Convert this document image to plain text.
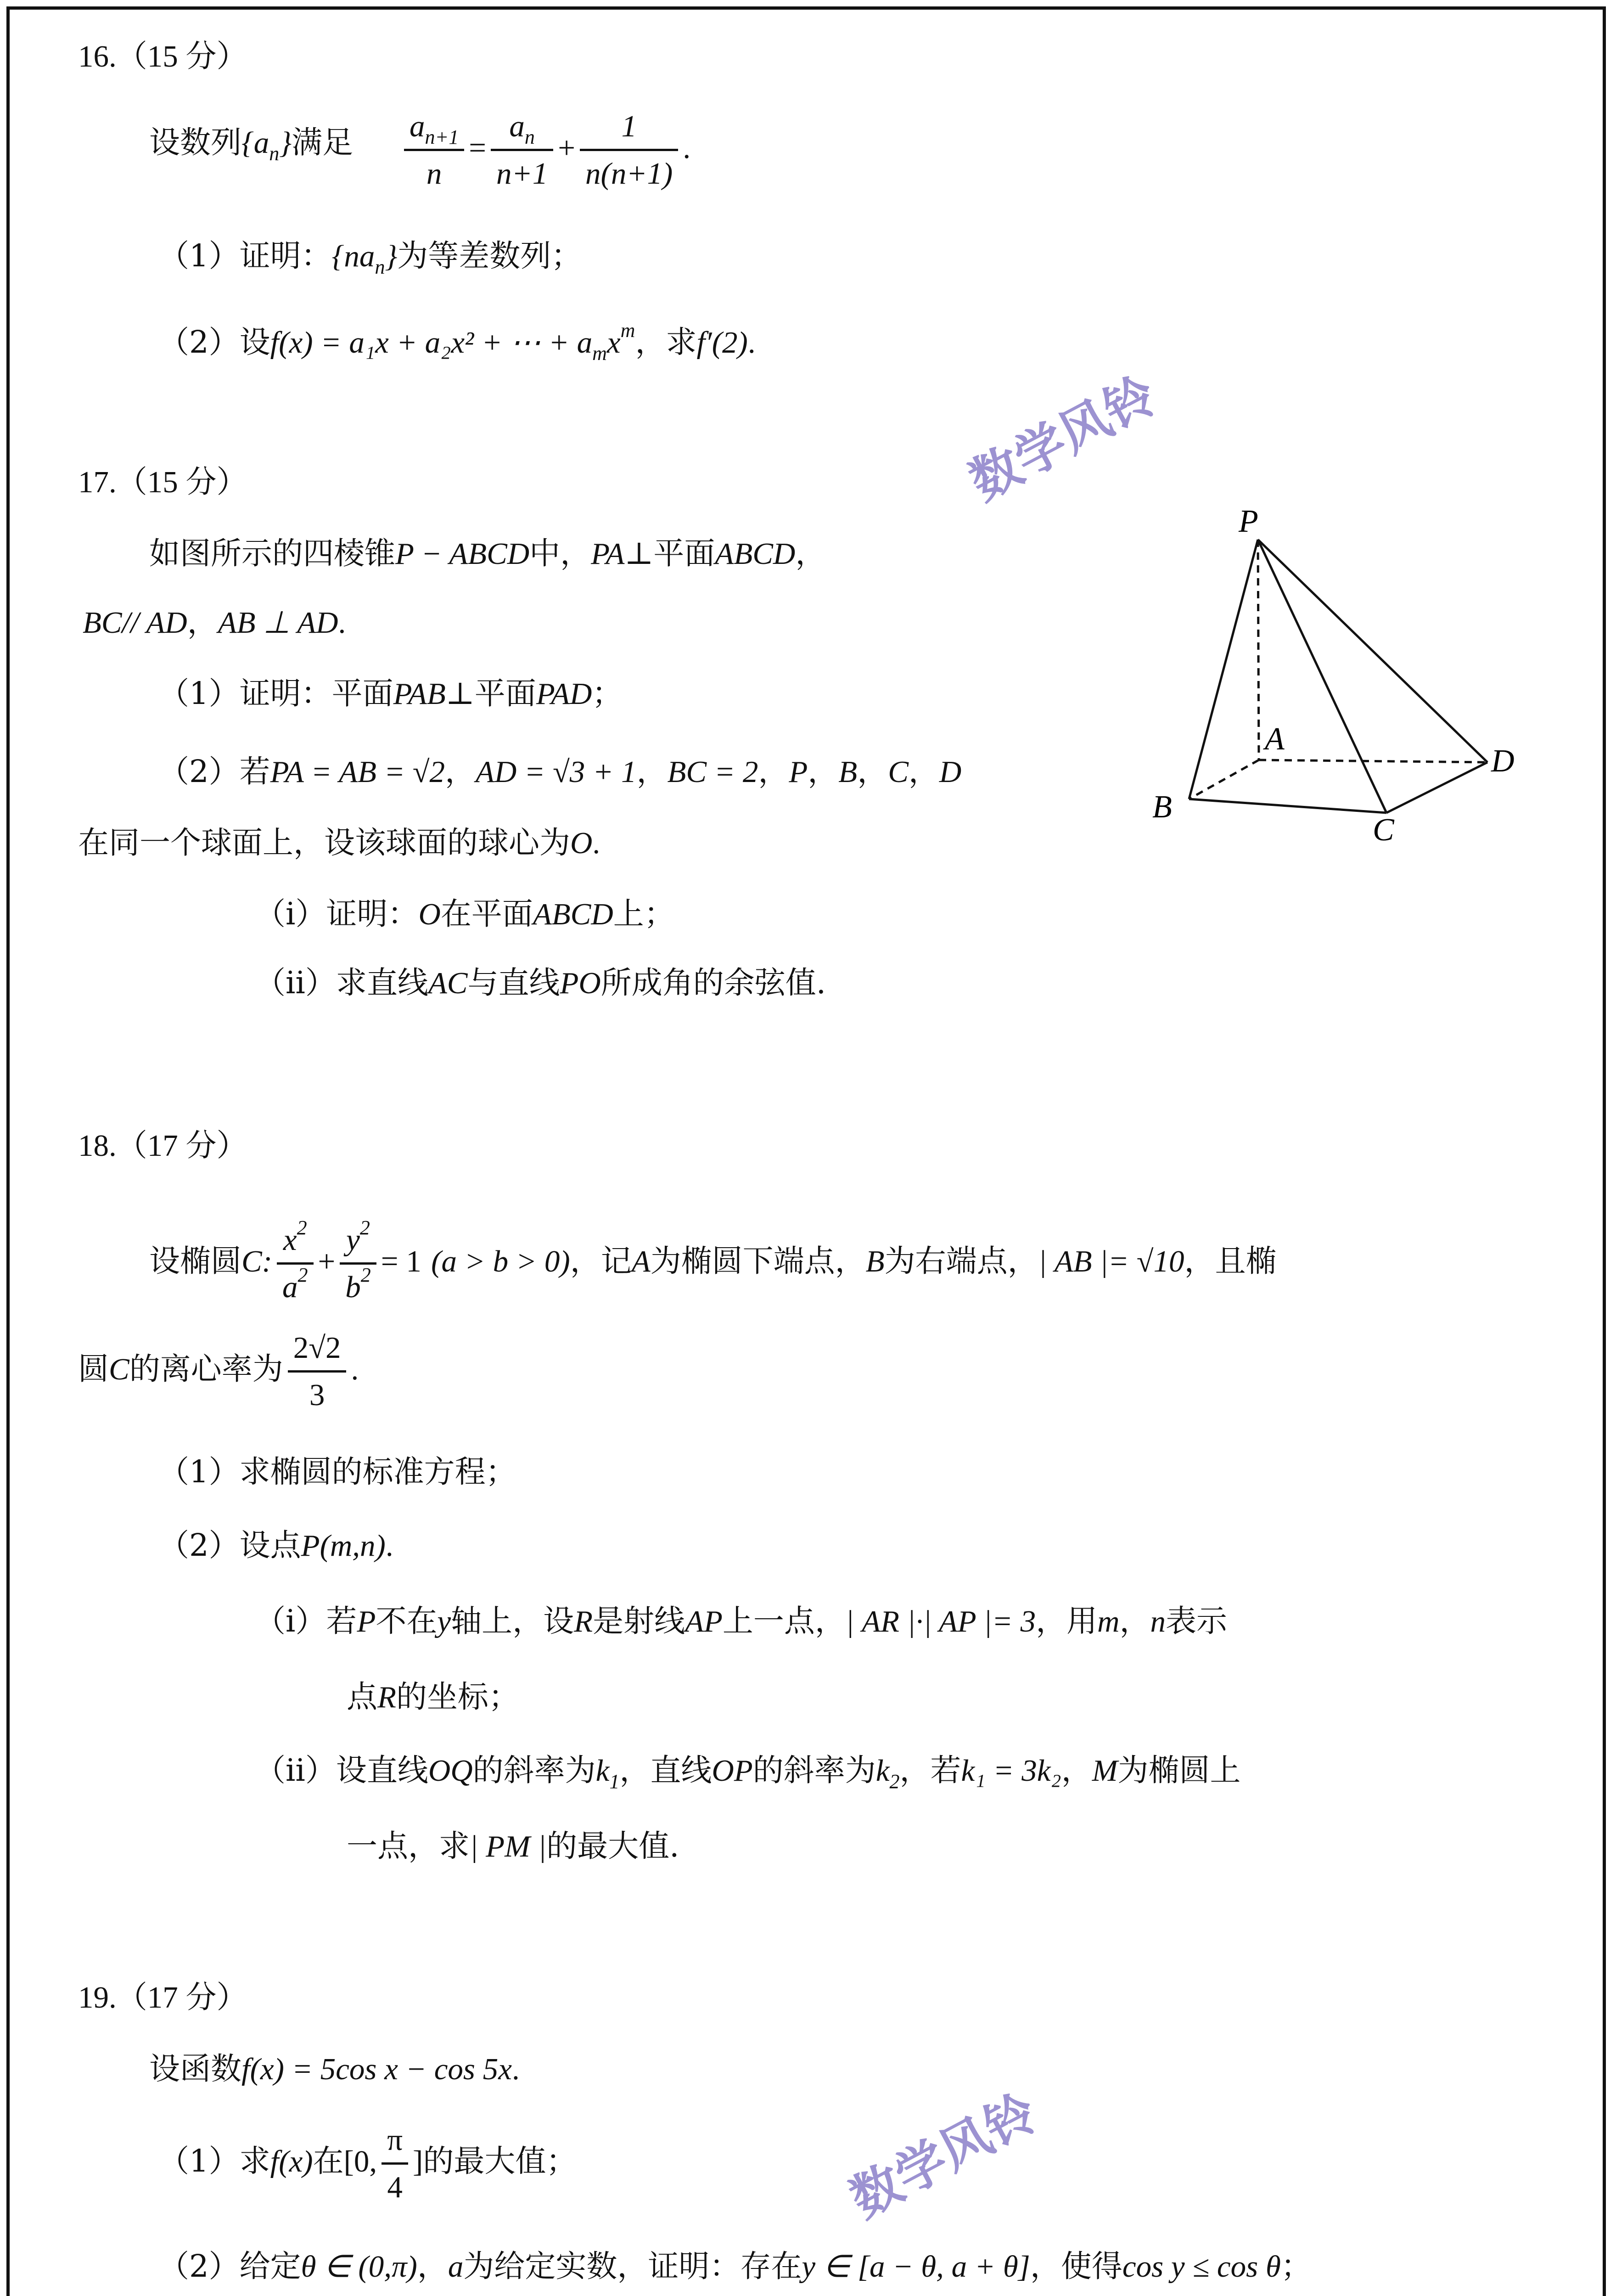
16.（15 分）
设数列$\{a_n\}$满足 $\frac{a_{n+1}}{n} = \frac{a_n}{n+1} + \frac{1}{n(n+1)}$ .
（1）证明：$\{na_n\}$为等差数列；
（2）设f(x) = a₁x + a₂x² + ⋯ + $a_mx^m$，求f′(2).
数学风铃
17.（15 分）
如图所示的四棱锥P − ABCD中，PA⊥平面ABCD，
BC// AD，AB ⊥ AD.
（1）证明：平面PAB⊥平面PAD；
（2）若PA = AB = √2，AD = √3 + 1，BC = 2，P，B，C，D
在同一个球面上，设该球面的球心为O.
（ⅰ）证明：O在平面ABCD上；
（ⅱ）求直线AC与直线PO所成角的余弦值.
P
A
B
C
D
18.（17 分）
设椭圆C: $\frac{x^2}{a^2} + \frac{y^2}{b^2} = 1$ (a > b > 0)，记A为椭圆下端点，B为右端点，| AB |= √10，且椭
圆C的离心率为 $\frac{2√2}{3}$ .
（1）求椭圆的标准方程；
（2）设点P(m,n).
（ⅰ）若P不在y轴上，设R是射线AP上一点，| AR |·| AP |= 3，用m，n表示
点R的坐标；
（ⅱ）设直线OQ的斜率为$k_1$，直线OP的斜率为$k_2$，若k₁ = 3k₂，M为椭圆上
一点，求| PM |的最大值.
19.（17 分）
设函数f(x) = 5cos x − cos 5x.
数学风铃
（1）求f(x)在[0, $\frac{\pi}{4}$ ]的最大值；
（2）给定θ ∈ (0,π)，a为给定实数，证明：存在y ∈ [a − θ, a + θ]，使得cos y ≤ cos θ；
